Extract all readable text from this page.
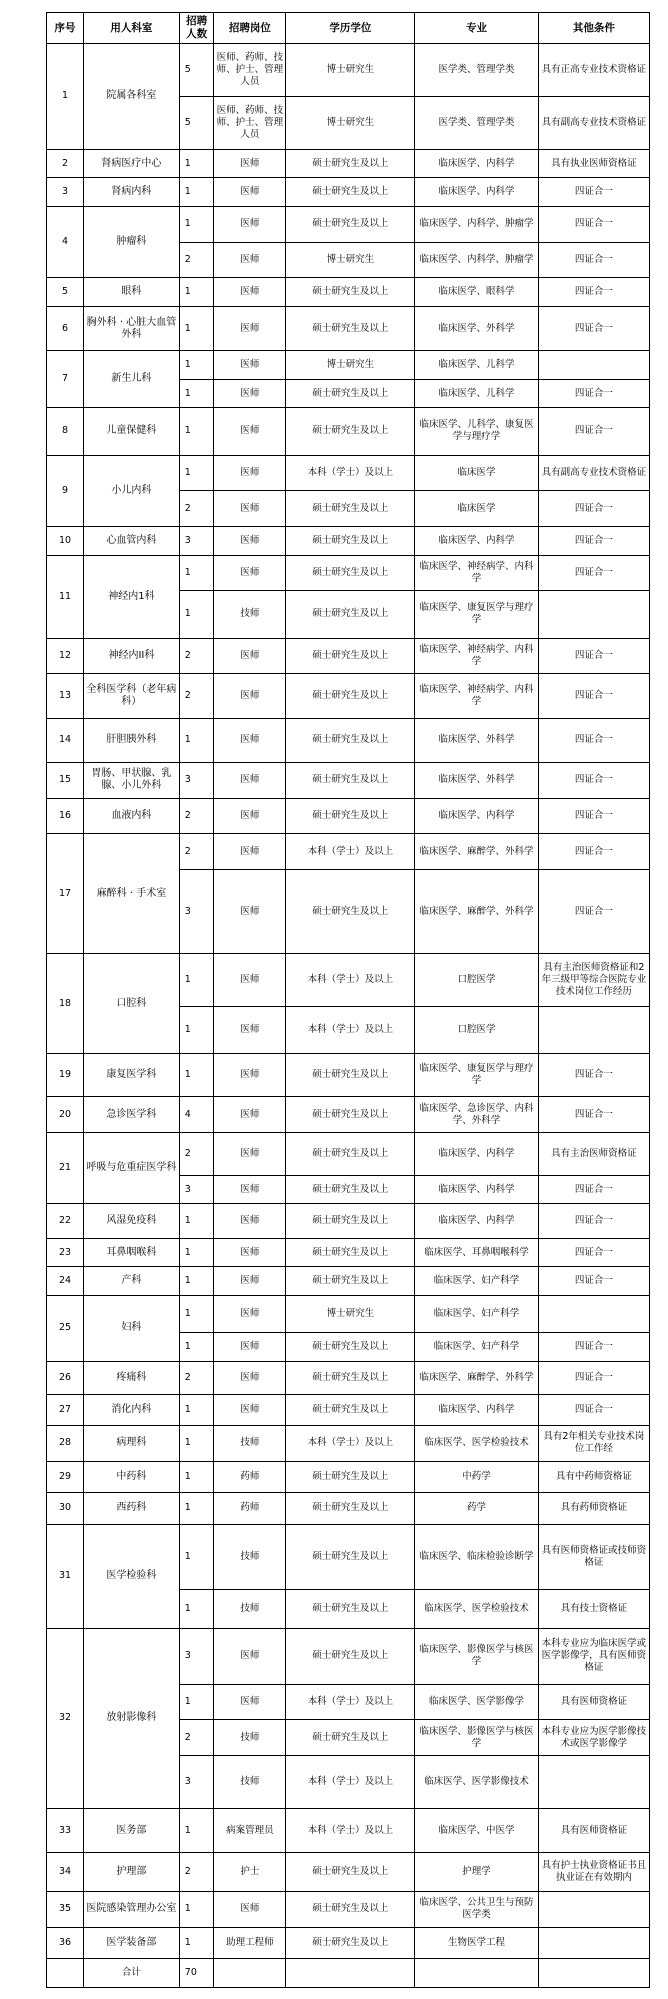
序号	用人科室	招聘人数	招聘岗位	学历学位	专业	其他条件
1	院属各科室	5	医师、药师、技师、护士、管理人员	博士研究生	医学类、管理学类	具有正高专业技术资格证
		5	医师、药师、技师、护士、管理人员	博士研究生	医学类、管理学类	具有副高专业技术资格证
2	肾病医疗中心	1	医师	硕士研究生及以上	临床医学、内科学	具有执业医师资格证
3	肾病内科	1	医师	硕士研究生及以上	临床医学、内科学	四证合一
4	肿瘤科	1	医师	硕士研究生及以上	临床医学、内科学、肿瘤学	四证合一
		2	医师	博士研究生	临床医学、内科学、肿瘤学	四证合一
5	眼科	1	医师	硕士研究生及以上	临床医学、眼科学	四证合一
6	胸外科 · 心脏大血管外科	1	医师	硕士研究生及以上	临床医学、外科学	四证合一
7	新生儿科	1	医师	博士研究生	临床医学、儿科学	
		1	医师	硕士研究生及以上	临床医学、儿科学	四证合一
8	儿童保健科	1	医师	硕士研究生及以上	临床医学、儿科学、康复医学与理疗学	四证合一
9	小儿内科	1	医师	本科（学士）及以上	临床医学	具有副高专业技术资格证
		2	医师	硕士研究生及以上	临床医学	四证合一
10	心血管内科	3	医师	硕士研究生及以上	临床医学、内科学	四证合一
11	神经内1科	1	医师	硕士研究生及以上	临床医学、神经病学、内科学	四证合一
		1	技师	硕士研究生及以上	临床医学、康复医学与理疗学	
12	神经内II科	2	医师	硕士研究生及以上	临床医学、神经病学、内科学	四证合一
13	全科医学科（老年病科）	2	医师	硕士研究生及以上	临床医学、神经病学、内科学	四证合一
14	肝胆胰外科	1	医师	硕士研究生及以上	临床医学、外科学	四证合一
15	胃肠、甲状腺、乳腺、小儿外科	3	医师	硕士研究生及以上	临床医学、外科学	四证合一
16	血液内科	2	医师	硕士研究生及以上	临床医学、内科学	四证合一
17	麻醉科 · 手术室	2	医师	本科（学士）及以上	临床医学、麻醉学、外科学	四证合一
		3	医师	硕士研究生及以上	临床医学、麻醉学、外科学	四证合一
18	口腔科	1	医师	本科（学士）及以上	口腔医学	具有主治医师资格证和2年三级甲等综合医院专业技术岗位工作经历
		1	医师	本科（学士）及以上	口腔医学	
19	康复医学科	1	医师	硕士研究生及以上	临床医学、康复医学与理疗学	四证合一
20	急诊医学科	4	医师	硕士研究生及以上	临床医学、急诊医学、内科学、外科学	四证合一
21	呼吸与危重症医学科	2	医师	硕士研究生及以上	临床医学、内科学	具有主治医师资格证
		3	医师	硕士研究生及以上	临床医学、内科学	四证合一
22	风湿免疫科	1	医师	硕士研究生及以上	临床医学、内科学	四证合一
23	耳鼻咽喉科	1	医师	硕士研究生及以上	临床医学、耳鼻咽喉科学	四证合一
24	产科	1	医师	硕士研究生及以上	临床医学、妇产科学	四证合一
25	妇科	1	医师	博士研究生	临床医学、妇产科学	
		1	医师	硕士研究生及以上	临床医学、妇产科学	四证合一
26	疼痛科	2	医师	硕士研究生及以上	临床医学、麻醉学、外科学	四证合一
27	消化内科	1	医师	硕士研究生及以上	临床医学、内科学	四证合一
28	病理科	1	技师	本科（学士）及以上	临床医学、医学检验技术	具有2年相关专业技术岗位工作经
29	中药科	1	药师	硕士研究生及以上	中药学	具有中药师资格证
30	西药科	1	药师	硕士研究生及以上	药学	具有药师资格证
31	医学检验科	1	技师	硕士研究生及以上	临床医学、临床检验诊断学	具有医师资格证或技师资格证
		1	技师	硕士研究生及以上	临床医学、医学检验技术	具有技士资格证
32	放射影像科	3	医师	硕士研究生及以上	临床医学、影像医学与核医学	本科专业应为临床医学或医学影像学，具有医师资格证
		1	医师	本科（学士）及以上	临床医学、医学影像学	具有医师资格证
		2	技师	硕士研究生及以上	临床医学、影像医学与核医学	本科专业应为医学影像技术或医学影像学
		3	技师	本科（学士）及以上	临床医学、医学影像技术	
33	医务部	1	病案管理员	本科（学士）及以上	临床医学、中医学	具有医师资格证
34	护理部	2	护士	硕士研究生及以上	护理学	具有护士执业资格证书且执业证在有效期内
35	医院感染管理办公室	1	医师	硕士研究生及以上	临床医学、公共卫生与预防医学类	
36	医学装备部	1	助理工程师	硕士研究生及以上	生物医学工程	
	合计	70				
